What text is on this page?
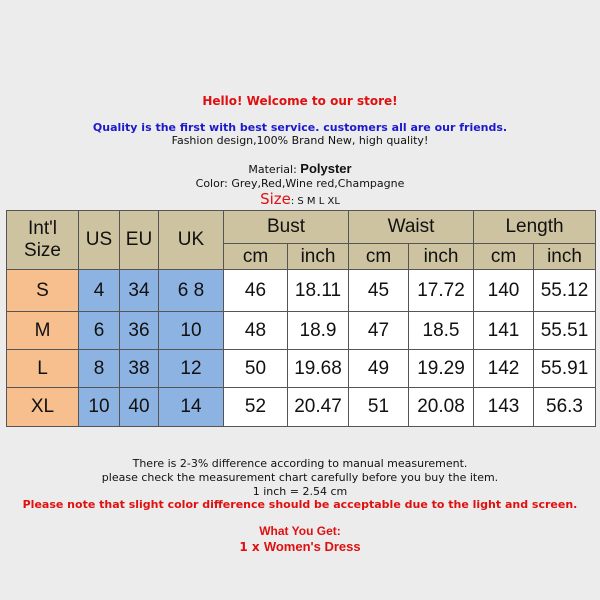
Hello! Welcome to our store!
Quality is the first with best service. customers all are our friends.
Fashion design,100% Brand New, high quality!
Material: Polyster
Color: Grey,Red,Wine red,Champagne
Size: S M L XL
Int'l Size	US	EU	UK	Bust		Waist		Length	
				cm	inch	cm	inch	cm	inch
S	4	34	6 8	46	18.11	45	17.72	140	55.12
M	6	36	10	48	18.9	47	18.5	141	55.51
L	8	38	12	50	19.68	49	19.29	142	55.91
XL	10	40	14	52	20.47	51	20.08	143	56.3
There is 2-3% difference according to manual measurement.
please check the measurement chart carefully before you buy the item.
1 inch = 2.54 cm
Please note that slight color difference should be acceptable due to the light and screen.
What You Get:
1 x Women's Dress
